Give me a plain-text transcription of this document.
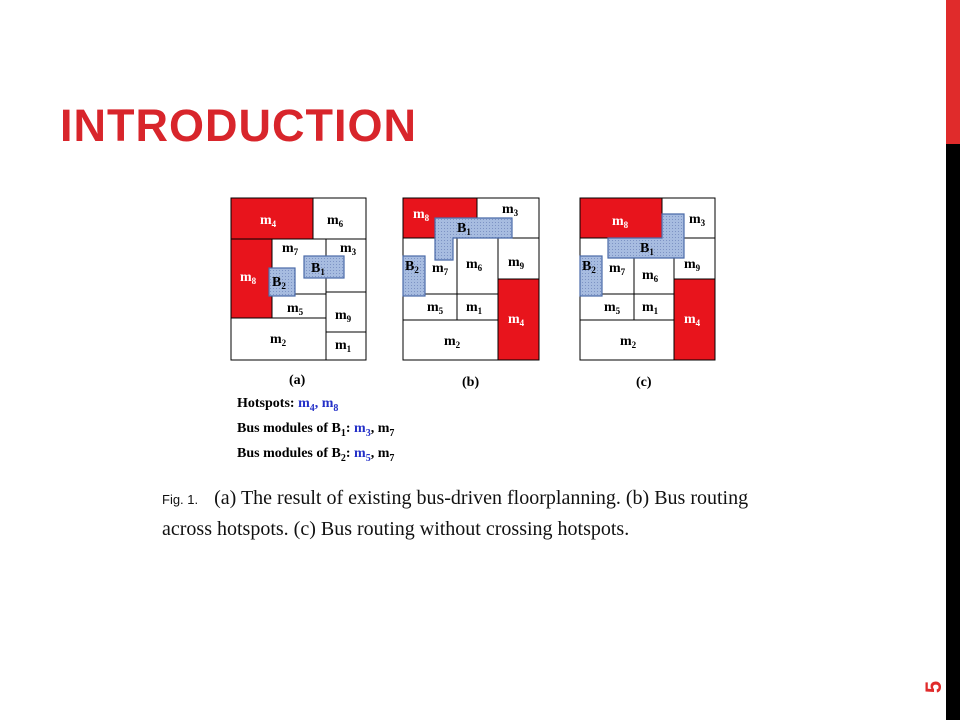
5
INTRODUCTION
$m_4$	$m_6$
$m_8$
$m_7$	$m_3$
$m_5$ $m_9$
$m_2$	$m_1$
$B_1$
$B_2$
(a)
$m_8$
$m_3$
$m_7$ $m_6$ $m_9$
$m_5$ $m_1$
$m_4$
$m_2$
$B_1$
$B_2$
(b)
$m_8$	$m_3$
$m_7$ $m_6$
$m_9$
$m_5$ $m_1$
$m_4$
$m_2$
$B_1$
$B_2$
(c)
Hotspots: $m_4$, $m_8$
Bus modules of $B_1$: $m_3$, $m_7$
Bus modules of $B_2$: $m_5$, $m_7$
Fig. 1. (a) The result of existing bus-driven floorplanning. (b) Bus routing across hotspots. (c) Bus routing without crossing hotspots.
